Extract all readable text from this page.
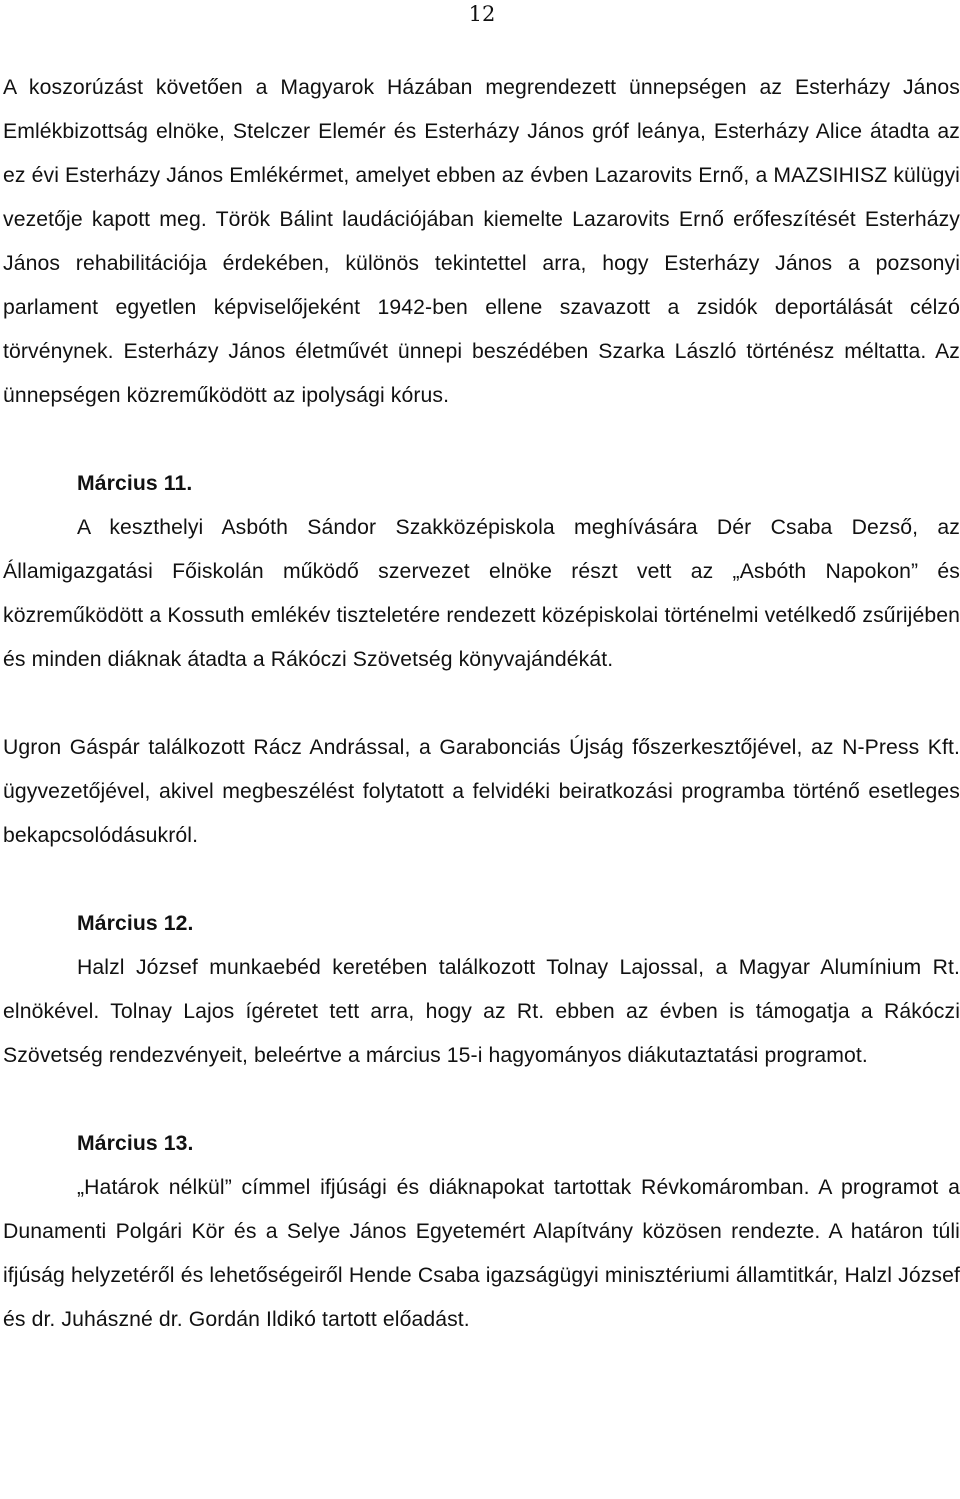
12

A koszorúzást követően a Magyarok Házában megrendezett ünnepségen az Esterházy János Emlékbizottság elnöke, Stelczer Elemér és Esterházy János gróf leánya, Esterházy Alice átadta az ez évi Esterházy János Emlékérmet, amelyet ebben az évben Lazarovits Ernő, a MAZSIHISZ külügyi vezetője kapott meg. Török Bálint laudációjában kiemelte Lazarovits Ernő erőfeszítését Esterházy János rehabilitációja érdekében, különös tekintettel arra, hogy Esterházy János a pozsonyi parlament egyetlen képviselőjeként 1942-ben ellene szavazott a zsidók deportálását célzó törvénynek. Esterházy János életművét ünnepi beszédében Szarka László történész méltatta. Az ünnepségen közreműködött az ipolysági kórus.

Március 11.

A keszthelyi Asbóth Sándor Szakközépiskola meghívására Dér Csaba Dezső, az Államigazgatási Főiskolán működő szervezet elnöke részt vett az „Asbóth Napokon” és közreműködött a Kossuth emlékév tiszteletére rendezett középiskolai történelmi vetélkedő zsűrijében és minden diáknak átadta a Rákóczi Szövetség könyvajándékát.

Ugron Gáspár találkozott Rácz Andrással, a Garabonciás Újság főszerkesztőjével, az N-Press Kft. ügyvezetőjével, akivel megbeszélést folytatott a felvidéki beiratkozási programba történő esetleges bekapcsolódásukról.

Március 12.

Halzl József munkaebéd keretében találkozott Tolnay Lajossal, a Magyar Alumínium Rt. elnökével. Tolnay Lajos ígéretet tett arra, hogy az Rt. ebben az évben is támogatja a Rákóczi Szövetség rendezvényeit, beleértve a március 15-i hagyományos diákutaztatási programot.

Március 13.

„Határok nélkül” címmel ifjúsági és diáknapokat tartottak Révkomáromban. A programot a Dunamenti Polgári Kör és a Selye János Egyetemért Alapítvány közösen rendezte. A határon túli ifjúság helyzetéről és lehetőségeiről Hende Csaba igazságügyi minisztériumi államtitkár, Halzl József és dr. Juhászné dr. Gordán Ildikó tartott előadást.
